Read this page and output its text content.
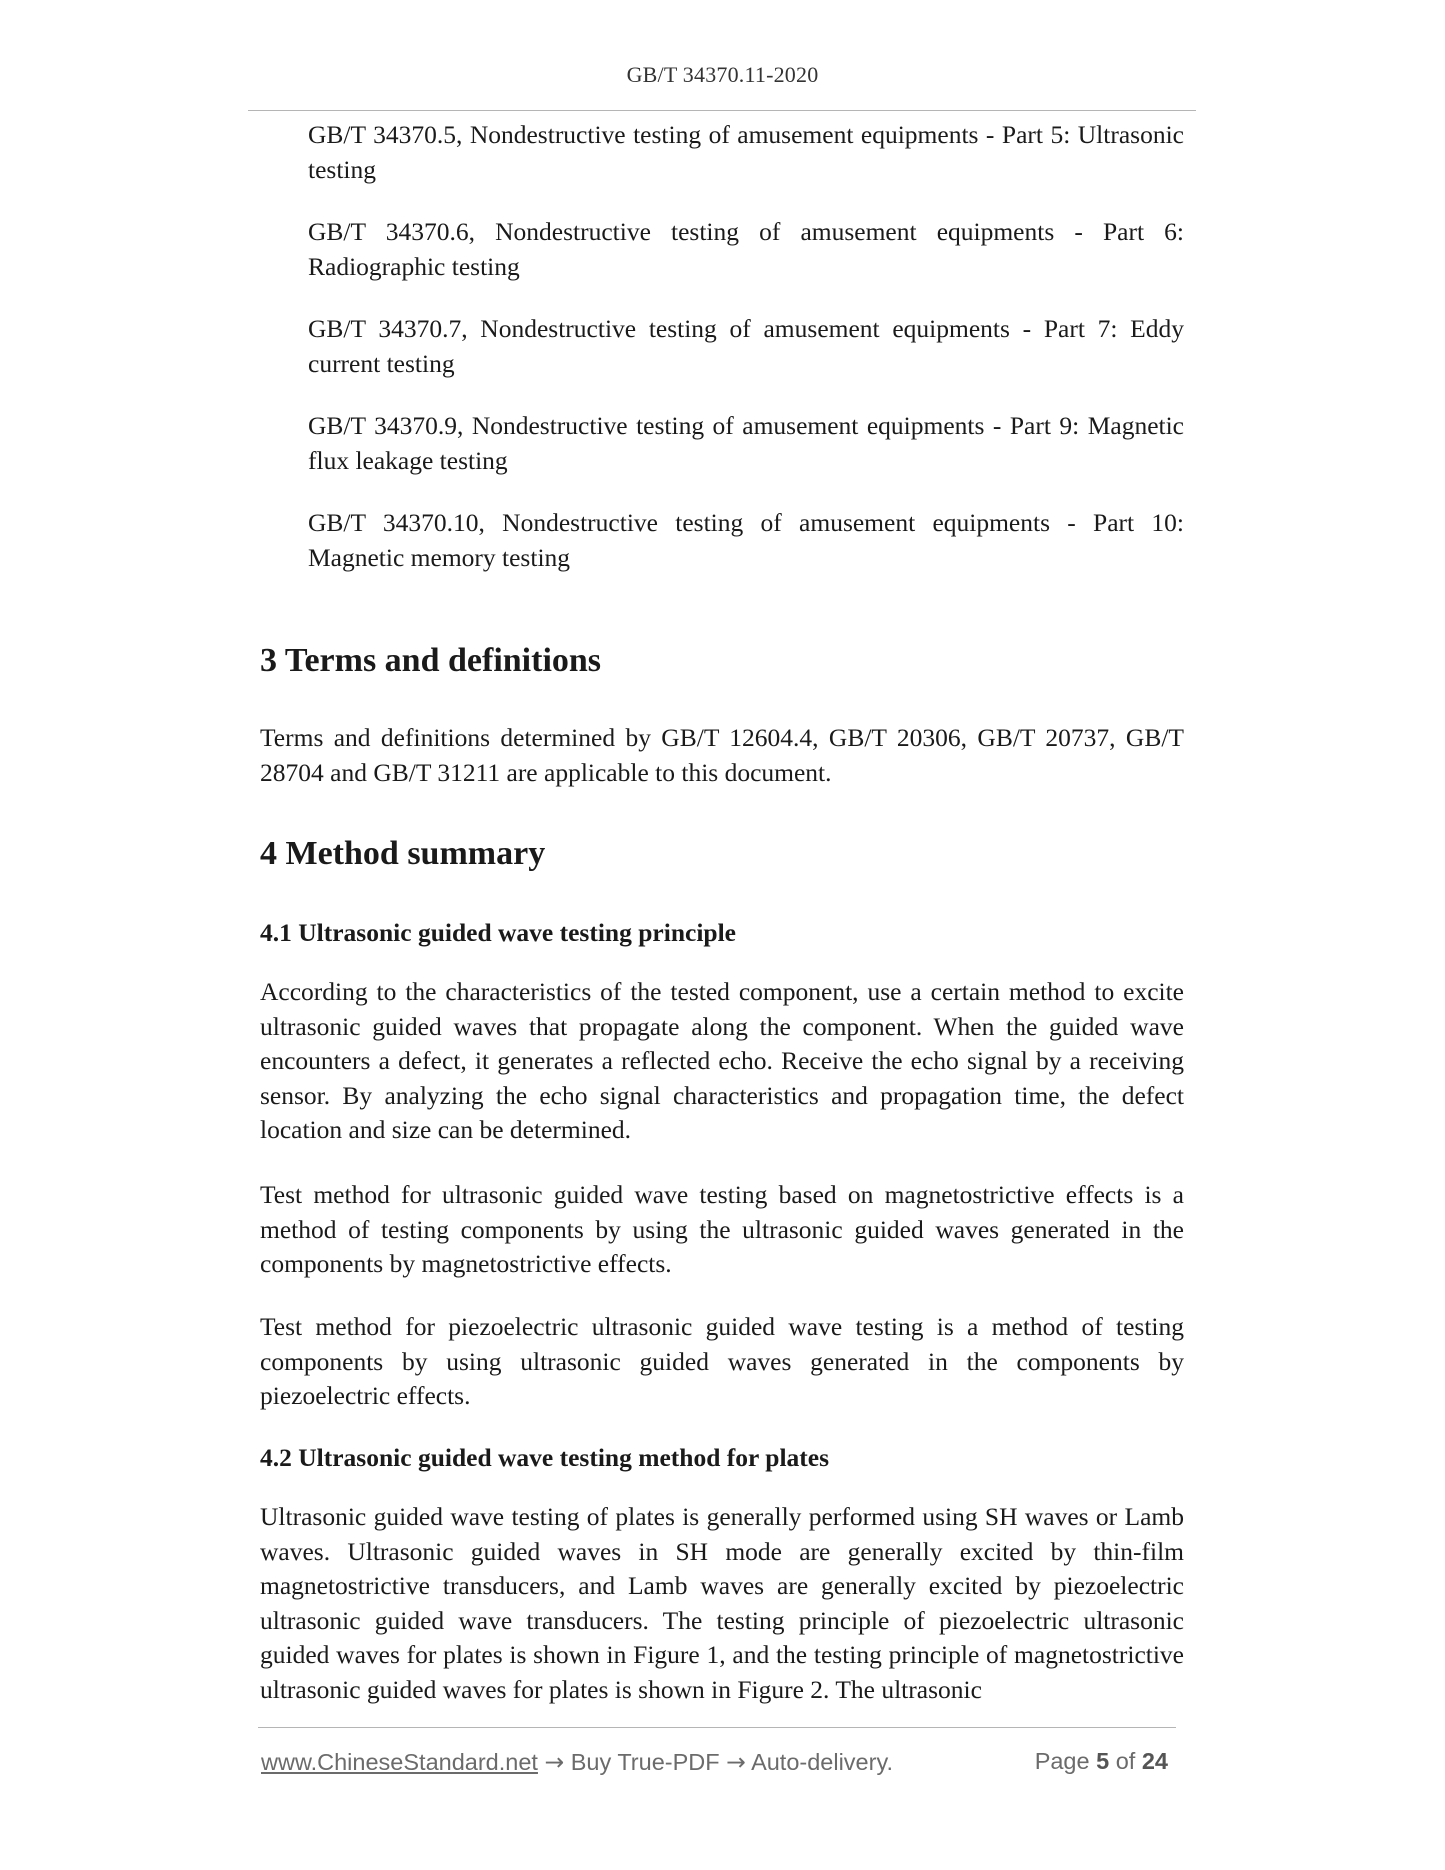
GB/T 34370.11-2020

GB/T 34370.5, Nondestructive testing of amusement equipments - Part 5: Ultrasonic testing

GB/T 34370.6, Nondestructive testing of amusement equipments - Part 6: Radiographic testing

GB/T 34370.7, Nondestructive testing of amusement equipments - Part 7: Eddy current testing

GB/T 34370.9, Nondestructive testing of amusement equipments - Part 9: Magnetic flux leakage testing

GB/T 34370.10, Nondestructive testing of amusement equipments - Part 10: Magnetic memory testing

3 Terms and definitions

Terms and definitions determined by GB/T 12604.4, GB/T 20306, GB/T 20737, GB/T 28704 and GB/T 31211 are applicable to this document.

4 Method summary
4.1 Ultrasonic guided wave testing principle

According to the characteristics of the tested component, use a certain method to excite ultrasonic guided waves that propagate along the component. When the guided wave encounters a defect, it generates a reflected echo. Receive the echo signal by a receiving sensor. By analyzing the echo signal characteristics and propagation time, the defect location and size can be determined.

Test method for ultrasonic guided wave testing based on magnetostrictive effects is a method of testing components by using the ultrasonic guided waves generated in the components by magnetostrictive effects.

Test method for piezoelectric ultrasonic guided wave testing is a method of testing components by using ultrasonic guided waves generated in the components by piezoelectric effects.

4.2 Ultrasonic guided wave testing method for plates

Ultrasonic guided wave testing of plates is generally performed using SH waves or Lamb waves. Ultrasonic guided waves in SH mode are generally excited by thin-film magnetostrictive transducers, and Lamb waves are generally excited by piezoelectric ultrasonic guided wave transducers. The testing principle of piezoelectric ultrasonic guided waves for plates is shown in Figure 1, and the testing principle of magnetostrictive ultrasonic guided waves for plates is shown in Figure 2. The ultrasonic

www.ChineseStandard.net → Buy True-PDF → Auto-delivery.	Page 5 of 24
